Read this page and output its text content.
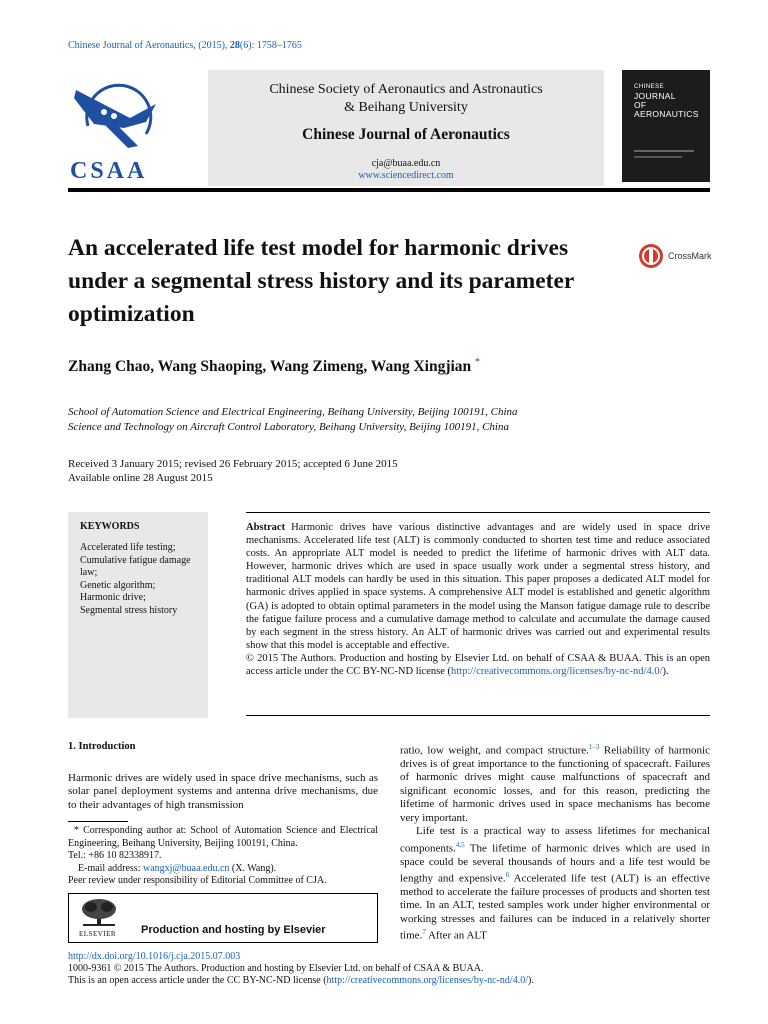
Chinese Journal of Aeronautics, (2015), 28(6): 1758–1765
CSAA
Chinese Society of Aeronautics and Astronautics
& Beihang University
Chinese Journal of Aeronautics
cja@buaa.edu.cn
www.sciencedirect.com
CHINESE
JOURNAL
OF
AERONAUTICS
An accelerated life test model for harmonic drives under a segmental stress history and its parameter optimization
CrossMark
Zhang Chao, Wang Shaoping, Wang Zimeng, Wang Xingjian *
School of Automation Science and Electrical Engineering, Beihang University, Beijing 100191, China
Science and Technology on Aircraft Control Laboratory, Beihang University, Beijing 100191, China
Received 3 January 2015; revised 26 February 2015; accepted 6 June 2015
Available online 28 August 2015
KEYWORDS
Accelerated life testing;
Cumulative fatigue damage law;
Genetic algorithm;
Harmonic drive;
Segmental stress history
Abstract Harmonic drives have various distinctive advantages and are widely used in space drive mechanisms. Accelerated life test (ALT) is commonly conducted to shorten test time and reduce associated costs. An appropriate ALT model is needed to predict the lifetime of harmonic drives with ALT data. However, harmonic drives which are used in space usually work under a segmental stress history, and traditional ALT models can hardly be used in this situation. This paper proposes a dedicated ALT model for harmonic drives applied in space systems. A comprehensive ALT model is established and genetic algorithm (GA) is adopted to obtain optimal parameters in the model using the Manson fatigue damage rule to describe the fatigue failure process and a cumulative damage method to calculate and accumulate the damage caused by each segment in the stress history. An ALT of harmonic drives was carried out and experimental results show that this model is acceptable and effective.
© 2015 The Authors. Production and hosting by Elsevier Ltd. on behalf of CSAA & BUAA. This is an open access article under the CC BY-NC-ND license (http://creativecommons.org/licenses/by-nc-nd/4.0/).
1. Introduction
Harmonic drives are widely used in space drive mechanisms, such as solar panel deployment systems and antenna drive mechanisms, due to their advantages of high transmission
* Corresponding author at: School of Automation Science and Electrical Engineering, Beihang University, Beijing 100191, China.
Tel.: +86 10 82338917.
E-mail address: wangxj@buaa.edu.cn (X. Wang).
Peer review under responsibility of Editorial Committee of CJA.
ELSEVIER Production and hosting by Elsevier
ratio, low weight, and compact structure.$^{1-3}$ Reliability of harmonic drives is of great importance to the functioning of spacecraft. Failures of harmonic drives might cause malfunctions of spacecraft and significant economic losses, and for this reason, predicting the lifetime of harmonic drives used in space mechanisms has become very important.
Life test is a practical way to assess lifetimes for mechanical components.$^{4,5}$ The lifetime of harmonic drives which are used in space could be several thousands of hours and a life test would be lengthy and expensive.$^6$ Accelerated life test (ALT) is an effective method to accelerate the failure processes of products and shorten test time. In an ALT, tested samples work under higher environmental or working stresses and failures can be induced in a relatively shorter time.$^7$ After an ALT
http://dx.doi.org/10.1016/j.cja.2015.07.003
1000-9361 © 2015 The Authors. Production and hosting by Elsevier Ltd. on behalf of CSAA & BUAA.
This is an open access article under the CC BY-NC-ND license (http://creativecommons.org/licenses/by-nc-nd/4.0/).
